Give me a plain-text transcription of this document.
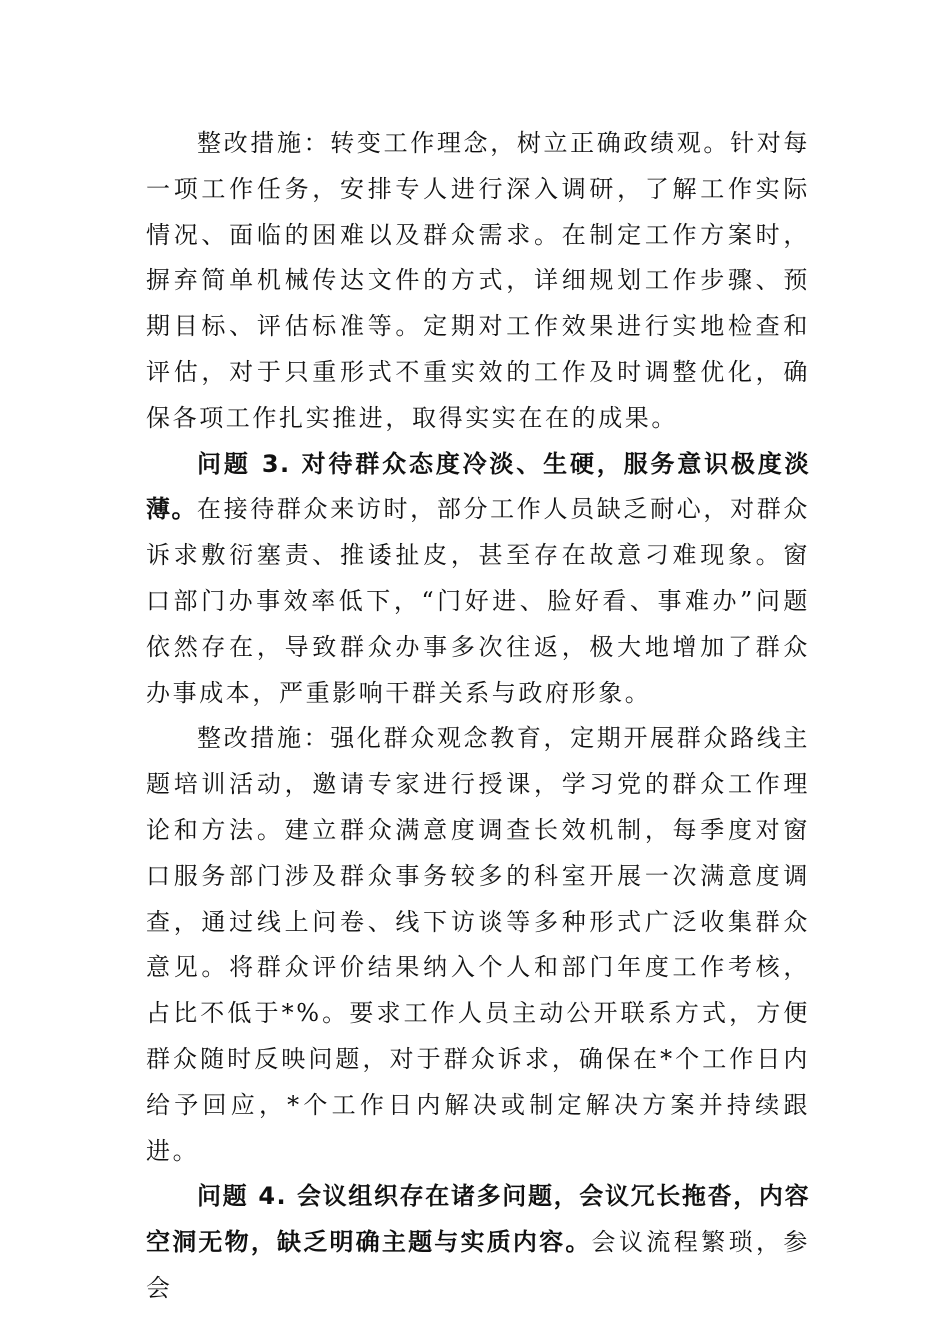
整改措施：转变工作理念，树立正确政绩观。针对每一项工作任务，安排专人进行深入调研，了解工作实际情况、面临的困难以及群众需求。在制定工作方案时，摒弃简单机械传达文件的方式，详细规划工作步骤、预期目标、评估标准等。定期对工作效果进行实地检查和评估，对于只重形式不重实效的工作及时调整优化，确保各项工作扎实推进，取得实实在在的成果。

问题 3. 对待群众态度冷淡、生硬，服务意识极度淡薄。在接待群众来访时，部分工作人员缺乏耐心，对群众诉求敷衍塞责、推诿扯皮，甚至存在故意刁难现象。窗口部门办事效率低下，“门好进、脸好看、事难办”问题依然存在，导致群众办事多次往返，极大地增加了群众办事成本，严重影响干群关系与政府形象。

整改措施：强化群众观念教育，定期开展群众路线主题培训活动，邀请专家进行授课，学习党的群众工作理论和方法。建立群众满意度调查长效机制，每季度对窗口服务部门涉及群众事务较多的科室开展一次满意度调查，通过线上问卷、线下访谈等多种形式广泛收集群众意见。将群众评价结果纳入个人和部门年度工作考核，占比不低于*%。要求工作人员主动公开联系方式，方便群众随时反映问题，对于群众诉求，确保在*个工作日内给予回应，*个工作日内解决或制定解决方案并持续跟进。

问题 4. 会议组织存在诸多问题，会议冗长拖沓，内容空洞无物，缺乏明确主题与实质内容。会议流程繁琐，参会
